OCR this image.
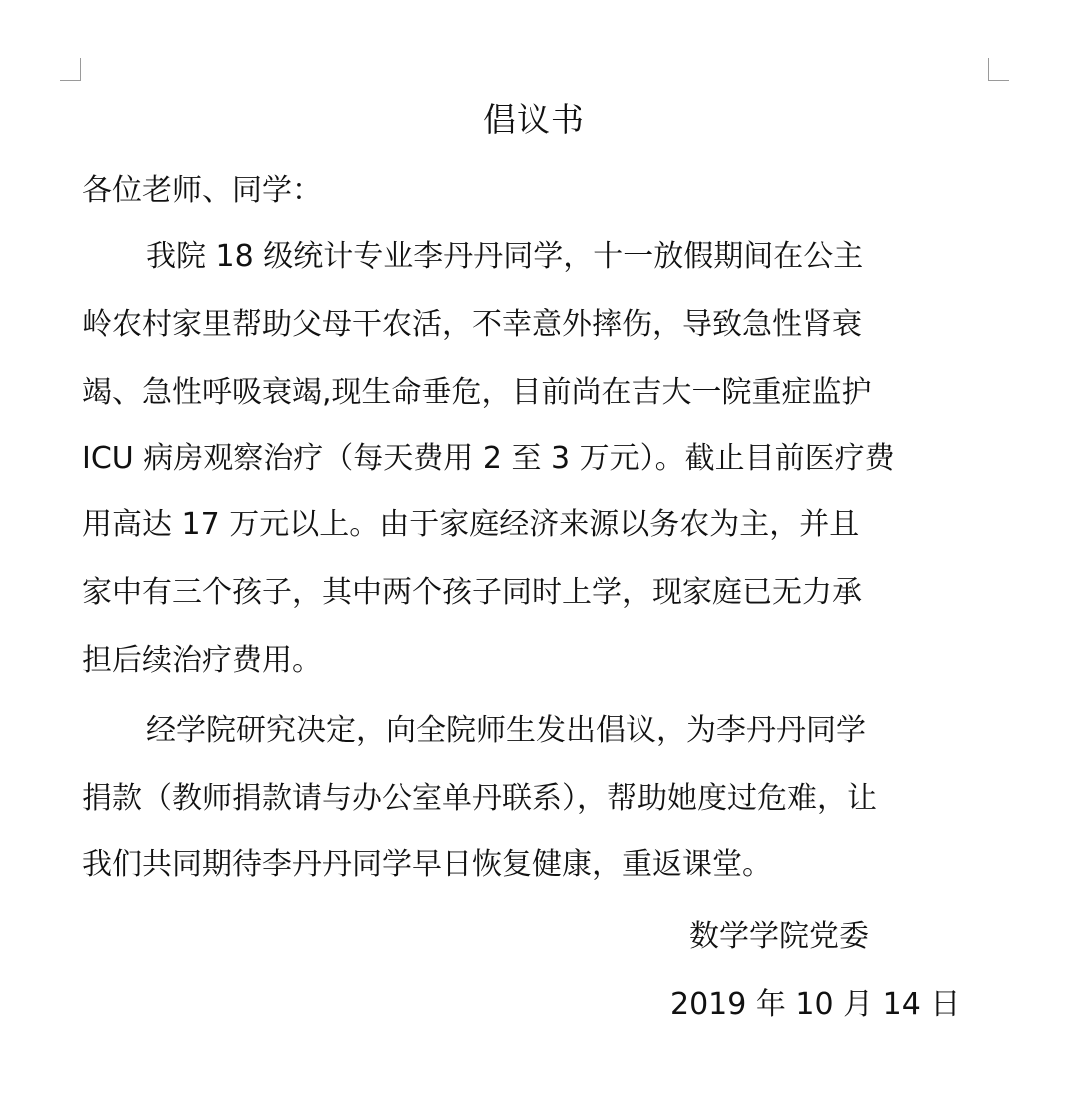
倡议书
各位老师、同学：
我院 18 级统计专业李丹丹同学，十一放假期间在公主
岭农村家里帮助父母干农活，不幸意外摔伤，导致急性肾衰
竭、急性呼吸衰竭,现生命垂危，目前尚在吉大一院重症监护
ICU 病房观察治疗（每天费用 2 至 3 万元）。截止目前医疗费
用高达 17 万元以上。由于家庭经济来源以务农为主，并且
家中有三个孩子，其中两个孩子同时上学，现家庭已无力承
担后续治疗费用。
经学院研究决定，向全院师生发出倡议，为李丹丹同学
捐款（教师捐款请与办公室单丹联系），帮助她度过危难，让
我们共同期待李丹丹同学早日恢复健康，重返课堂。
数学学院党委
2019 年 10 月 14 日
